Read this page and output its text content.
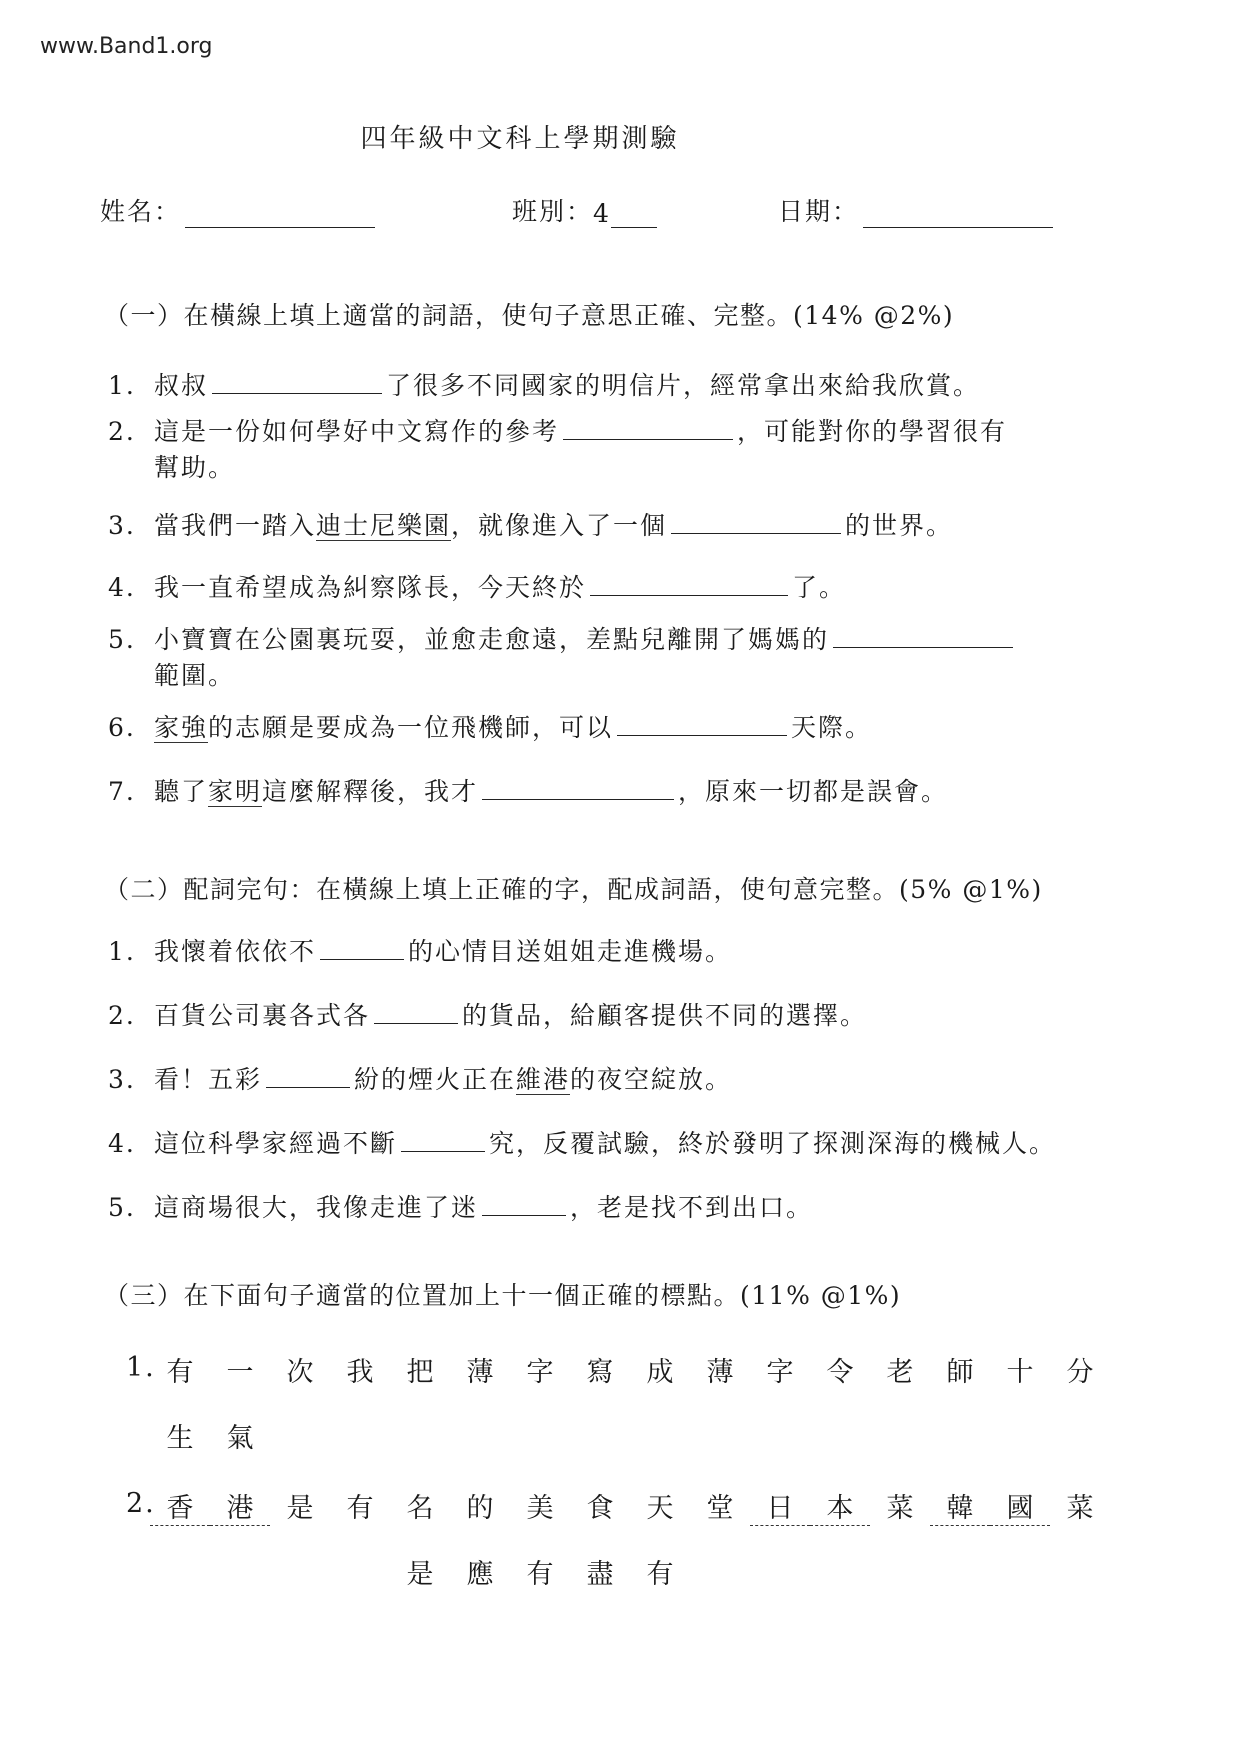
www.Band1.org
四年級中文科上學期測驗
姓名：	班別： 4	日期：
（一）在橫線上填上適當的詞語，使句子意思正確、完整。(14% @2%)
1. 叔叔	了很多不同國家的明信片，經常拿出來給我欣賞。
2. 這是一份如何學好中文寫作的參考	，可能對你的學習很有
幫助。
3. 當我們一踏入迪士尼樂園，就像進入了一個	的世界。
4. 我一直希望成為糾察隊長，今天終於	了。
5. 小寶寶在公園裏玩耍，並愈走愈遠，差點兒離開了媽媽的
範圍。
6. 家強的志願是要成為一位飛機師，可以	天際。
7. 聽了家明這麼解釋後，我才	，原來一切都是誤會。
（二）配詞完句：在橫線上填上正確的字，配成詞語，使句意完整。(5% @1%)
1. 我懷着依依不	的心情目送姐姐走進機場。
2. 百貨公司裏各式各	的貨品，給顧客提供不同的選擇。
3. 看！五彩	紛的煙火正在維港的夜空綻放。
4. 這位科學家經過不斷	究，反覆試驗，終於發明了探測深海的機械人。
5. 這商場很大，我像走進了迷	，老是找不到出口。
（三）在下面句子適當的位置加上十一個正確的標點。(11% @1%)
1. 有	一	次	我	把	薄	字	寫	成	薄	字	令	老	師	十	分
生	氣
2. 香	港	是	有	名	的	美	食	天	堂	日	本	菜	韓	國	菜
是	應	有	盡	有
